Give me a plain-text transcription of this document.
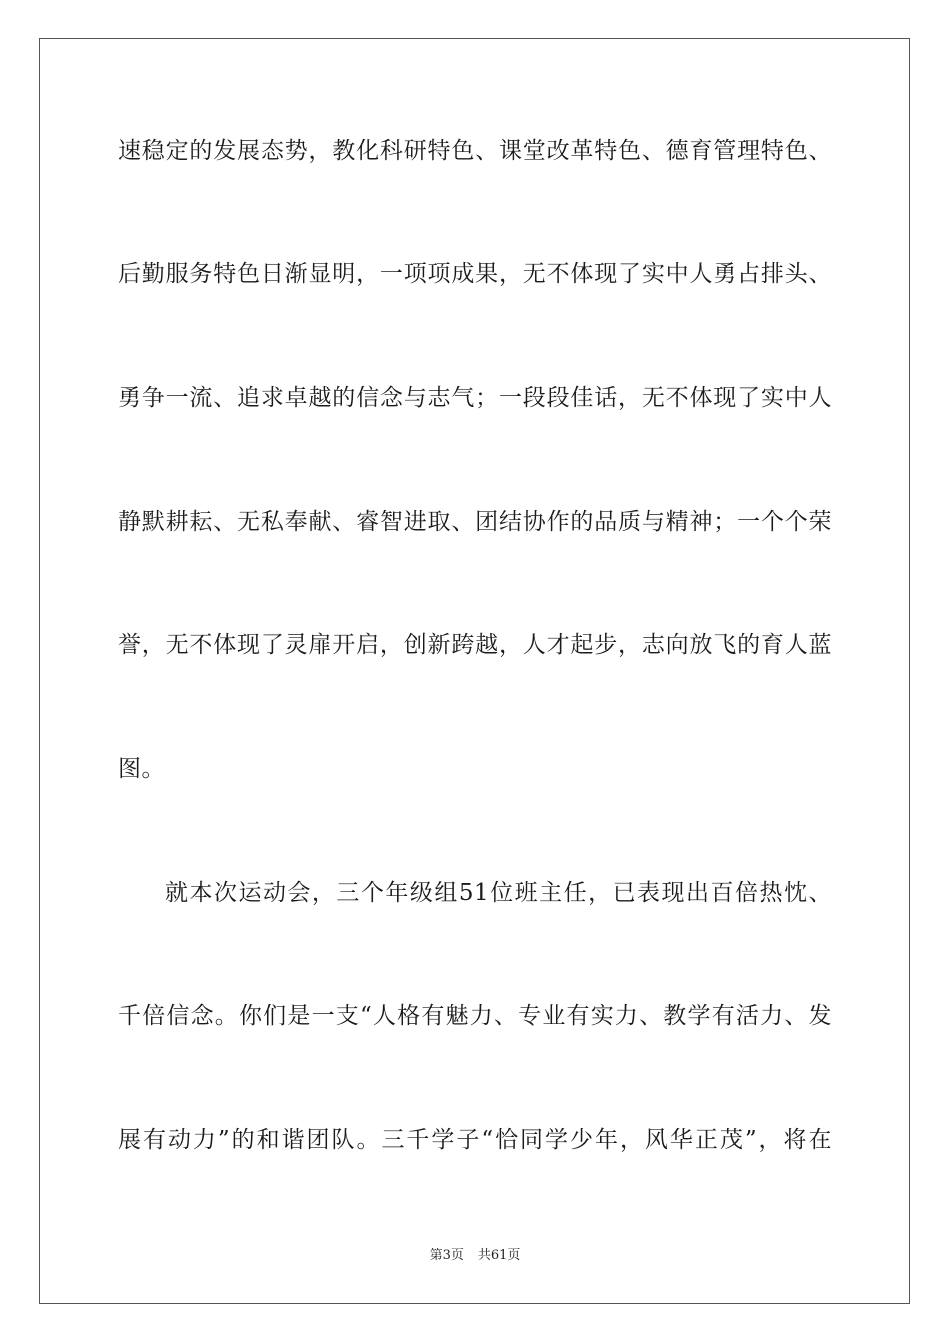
速稳定的发展态势，教化科研特色、课堂改革特色、德育管理特色、
后勤服务特色日渐显明，一项项成果，无不体现了实中人勇占排头、
勇争一流、追求卓越的信念与志气；一段段佳话，无不体现了实中人
静默耕耘、无私奉献、睿智进取、团结协作的品质与精神；一个个荣
誉，无不体现了灵扉开启，创新跨越，人才起步，志向放飞的育人蓝
图。
就本次运动会，三个年级组51位班主任，已表现出百倍热忱、
千倍信念。你们是一支“人格有魅力、专业有实力、教学有活力、发
展有动力”的和谐团队。三千学子“恰同学少年，风华正茂”，将在
第3页 共61页
